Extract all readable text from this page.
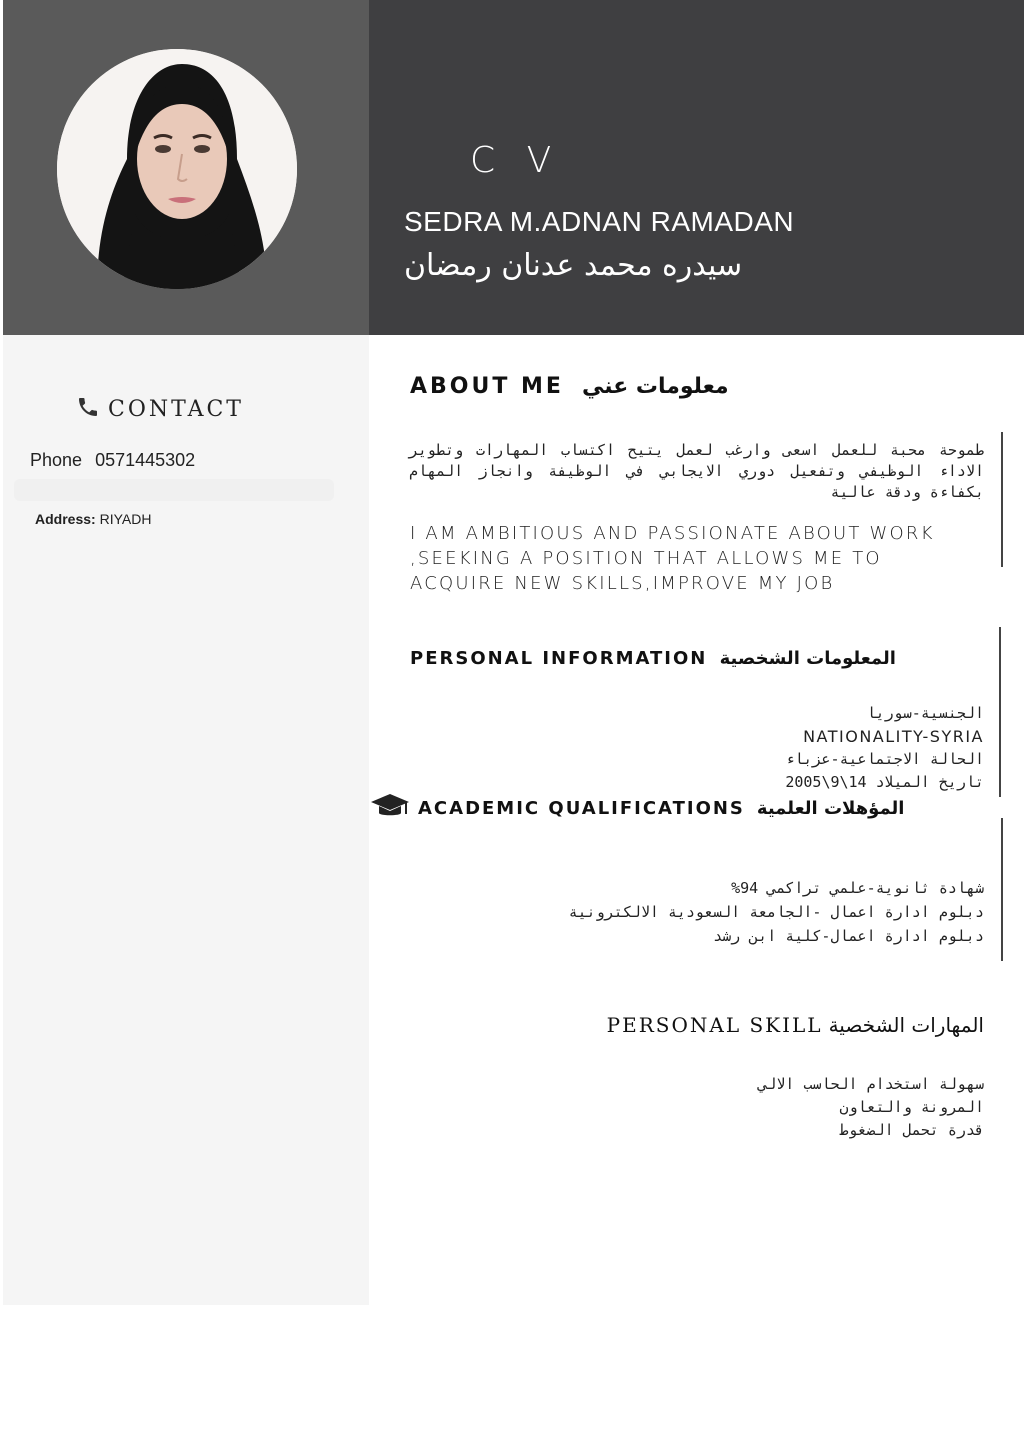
C V
SEDRA M.ADNAN RAMADAN
سيدره محمد عدنان رمضان
CONTACT
Phone 0571445302
Address: RIYADH
ABOUT ME معلومات عني
طموحة محبة للعمل اسعى وارغب لعمل يتيح اكتساب المهارات وتطوير الاداء الوظيفي وتفعيل دوري الايجابي في الوظيفة وانجاز المهام بكفاءة ودقة عالية
I AM AMBITIOUS AND PASSIONATE ABOUT WORK ,SEEKING A POSITION THAT ALLOWS ME TO ACQUIRE NEW SKILLS,IMPROVE MY JOB
PERSONAL INFORMATION المعلومات الشخصية
الجنسية-سوريا
NATIONALITY-SYRIA
الحالة الاجتماعية-عزباء
تاريخ الميلاد 14\9\2005
ACADEMIC QUALIFICATIONS المؤهلات العلمية
شهادة ثانوية-علمي تراكمي 94%
دبلوم ادارة اعمال -الجامعة السعودية الالكترونية
دبلوم ادارة اعمال-كلية ابن رشد
PERSONAL SKILL المهارات الشخصية
سهولة استخدام الحاسب الالي
المرونة والتعاون
قدرة تحمل الضغوط
